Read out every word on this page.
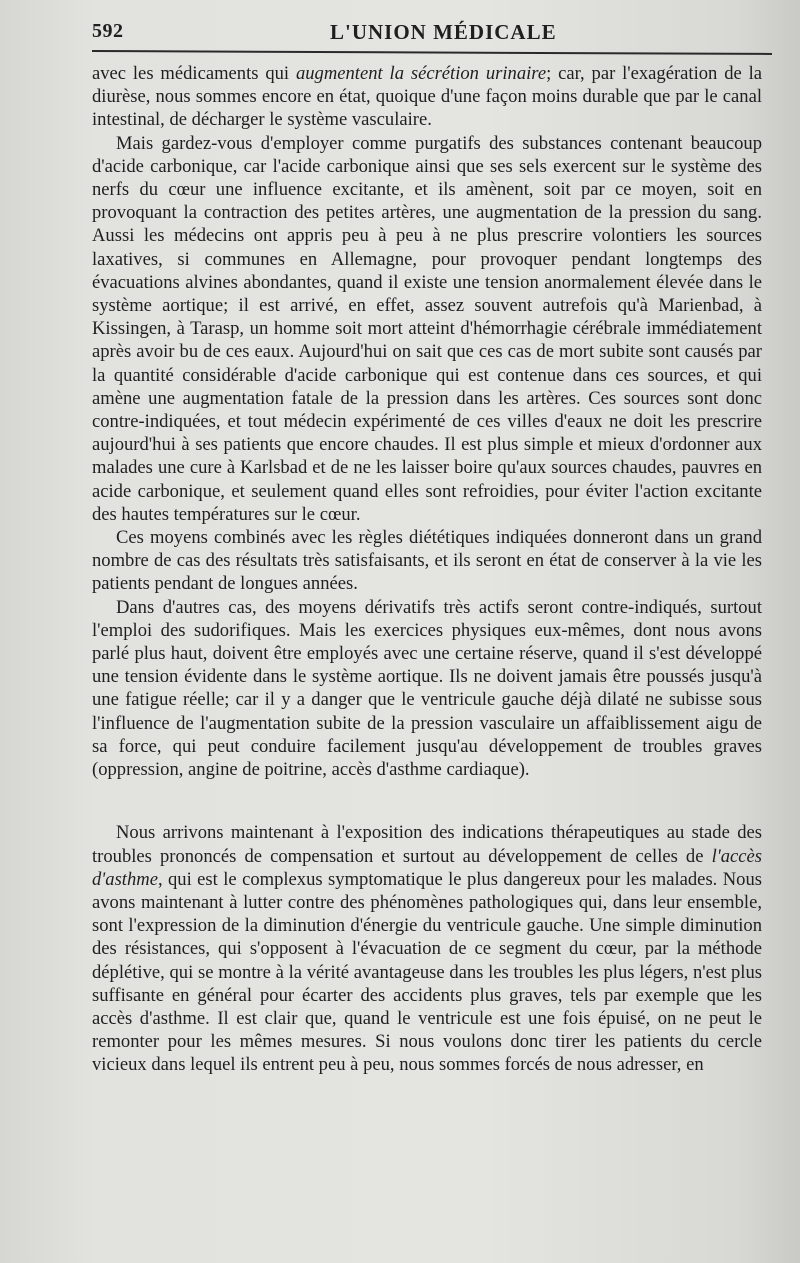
592	L'UNION MÉDICALE

avec les médicaments qui augmentent la sécrétion urinaire; car, par l'exagération de la diurèse, nous sommes encore en état, quoique d'une façon moins durable que par le canal intestinal, de décharger le système vasculaire.

Mais gardez-vous d'employer comme purgatifs des substances contenant beaucoup d'acide carbonique, car l'acide carbonique ainsi que ses sels exercent sur le système des nerfs du cœur une influence excitante, et ils amènent, soit par ce moyen, soit en provoquant la contraction des petites artères, une augmentation de la pression du sang. Aussi les médecins ont appris peu à peu à ne plus prescrire volontiers les sources laxatives, si communes en Allemagne, pour provoquer pendant longtemps des évacuations alvines abondantes, quand il existe une tension anormalement élevée dans le système aortique; il est arrivé, en effet, assez souvent autrefois qu'à Marienbad, à Kissingen, à Tarasp, un homme soit mort atteint d'hémorrhagie cérébrale immédiatement après avoir bu de ces eaux. Aujourd'hui on sait que ces cas de mort subite sont causés par la quantité considérable d'acide carbonique qui est contenue dans ces sources, et qui amène une augmentation fatale de la pression dans les artères. Ces sources sont donc contre-indiquées, et tout médecin expérimenté de ces villes d'eaux ne doit les prescrire aujourd'hui à ses patients que encore chaudes. Il est plus simple et mieux d'ordonner aux malades une cure à Karlsbad et de ne les laisser boire qu'aux sources chaudes, pauvres en acide carbonique, et seulement quand elles sont refroidies, pour éviter l'action excitante des hautes températures sur le cœur.

Ces moyens combinés avec les règles diététiques indiquées donneront dans un grand nombre de cas des résultats très satisfaisants, et ils seront en état de conserver à la vie les patients pendant de longues années.

Dans d'autres cas, des moyens dérivatifs très actifs seront contre-indiqués, surtout l'emploi des sudorifiques. Mais les exercices physiques eux-mêmes, dont nous avons parlé plus haut, doivent être employés avec une certaine réserve, quand il s'est développé une tension évidente dans le système aortique. Ils ne doivent jamais être poussés jusqu'à une fatigue réelle; car il y a danger que le ventricule gauche déjà dilaté ne subisse sous l'influence de l'augmentation subite de la pression vasculaire un affaiblissement aigu de sa force, qui peut conduire facilement jusqu'au développement de troubles graves (oppression, angine de poitrine, accès d'asthme cardiaque).

Nous arrivons maintenant à l'exposition des indications thérapeutiques au stade des troubles prononcés de compensation et surtout au développement de celles de l'accès d'asthme, qui est le complexus symptomatique le plus dangereux pour les malades. Nous avons maintenant à lutter contre des phénomènes pathologiques qui, dans leur ensemble, sont l'expression de la diminution d'énergie du ventricule gauche. Une simple diminution des résistances, qui s'opposent à l'évacuation de ce segment du cœur, par la méthode déplétive, qui se montre à la vérité avantageuse dans les troubles les plus légers, n'est plus suffisante en général pour écarter des accidents plus graves, tels par exemple que les accès d'asthme. Il est clair que, quand le ventricule est une fois épuisé, on ne peut le remonter pour les mêmes mesures. Si nous voulons donc tirer les patients du cercle vicieux dans lequel ils entrent peu à peu, nous sommes forcés de nous adresser, en
